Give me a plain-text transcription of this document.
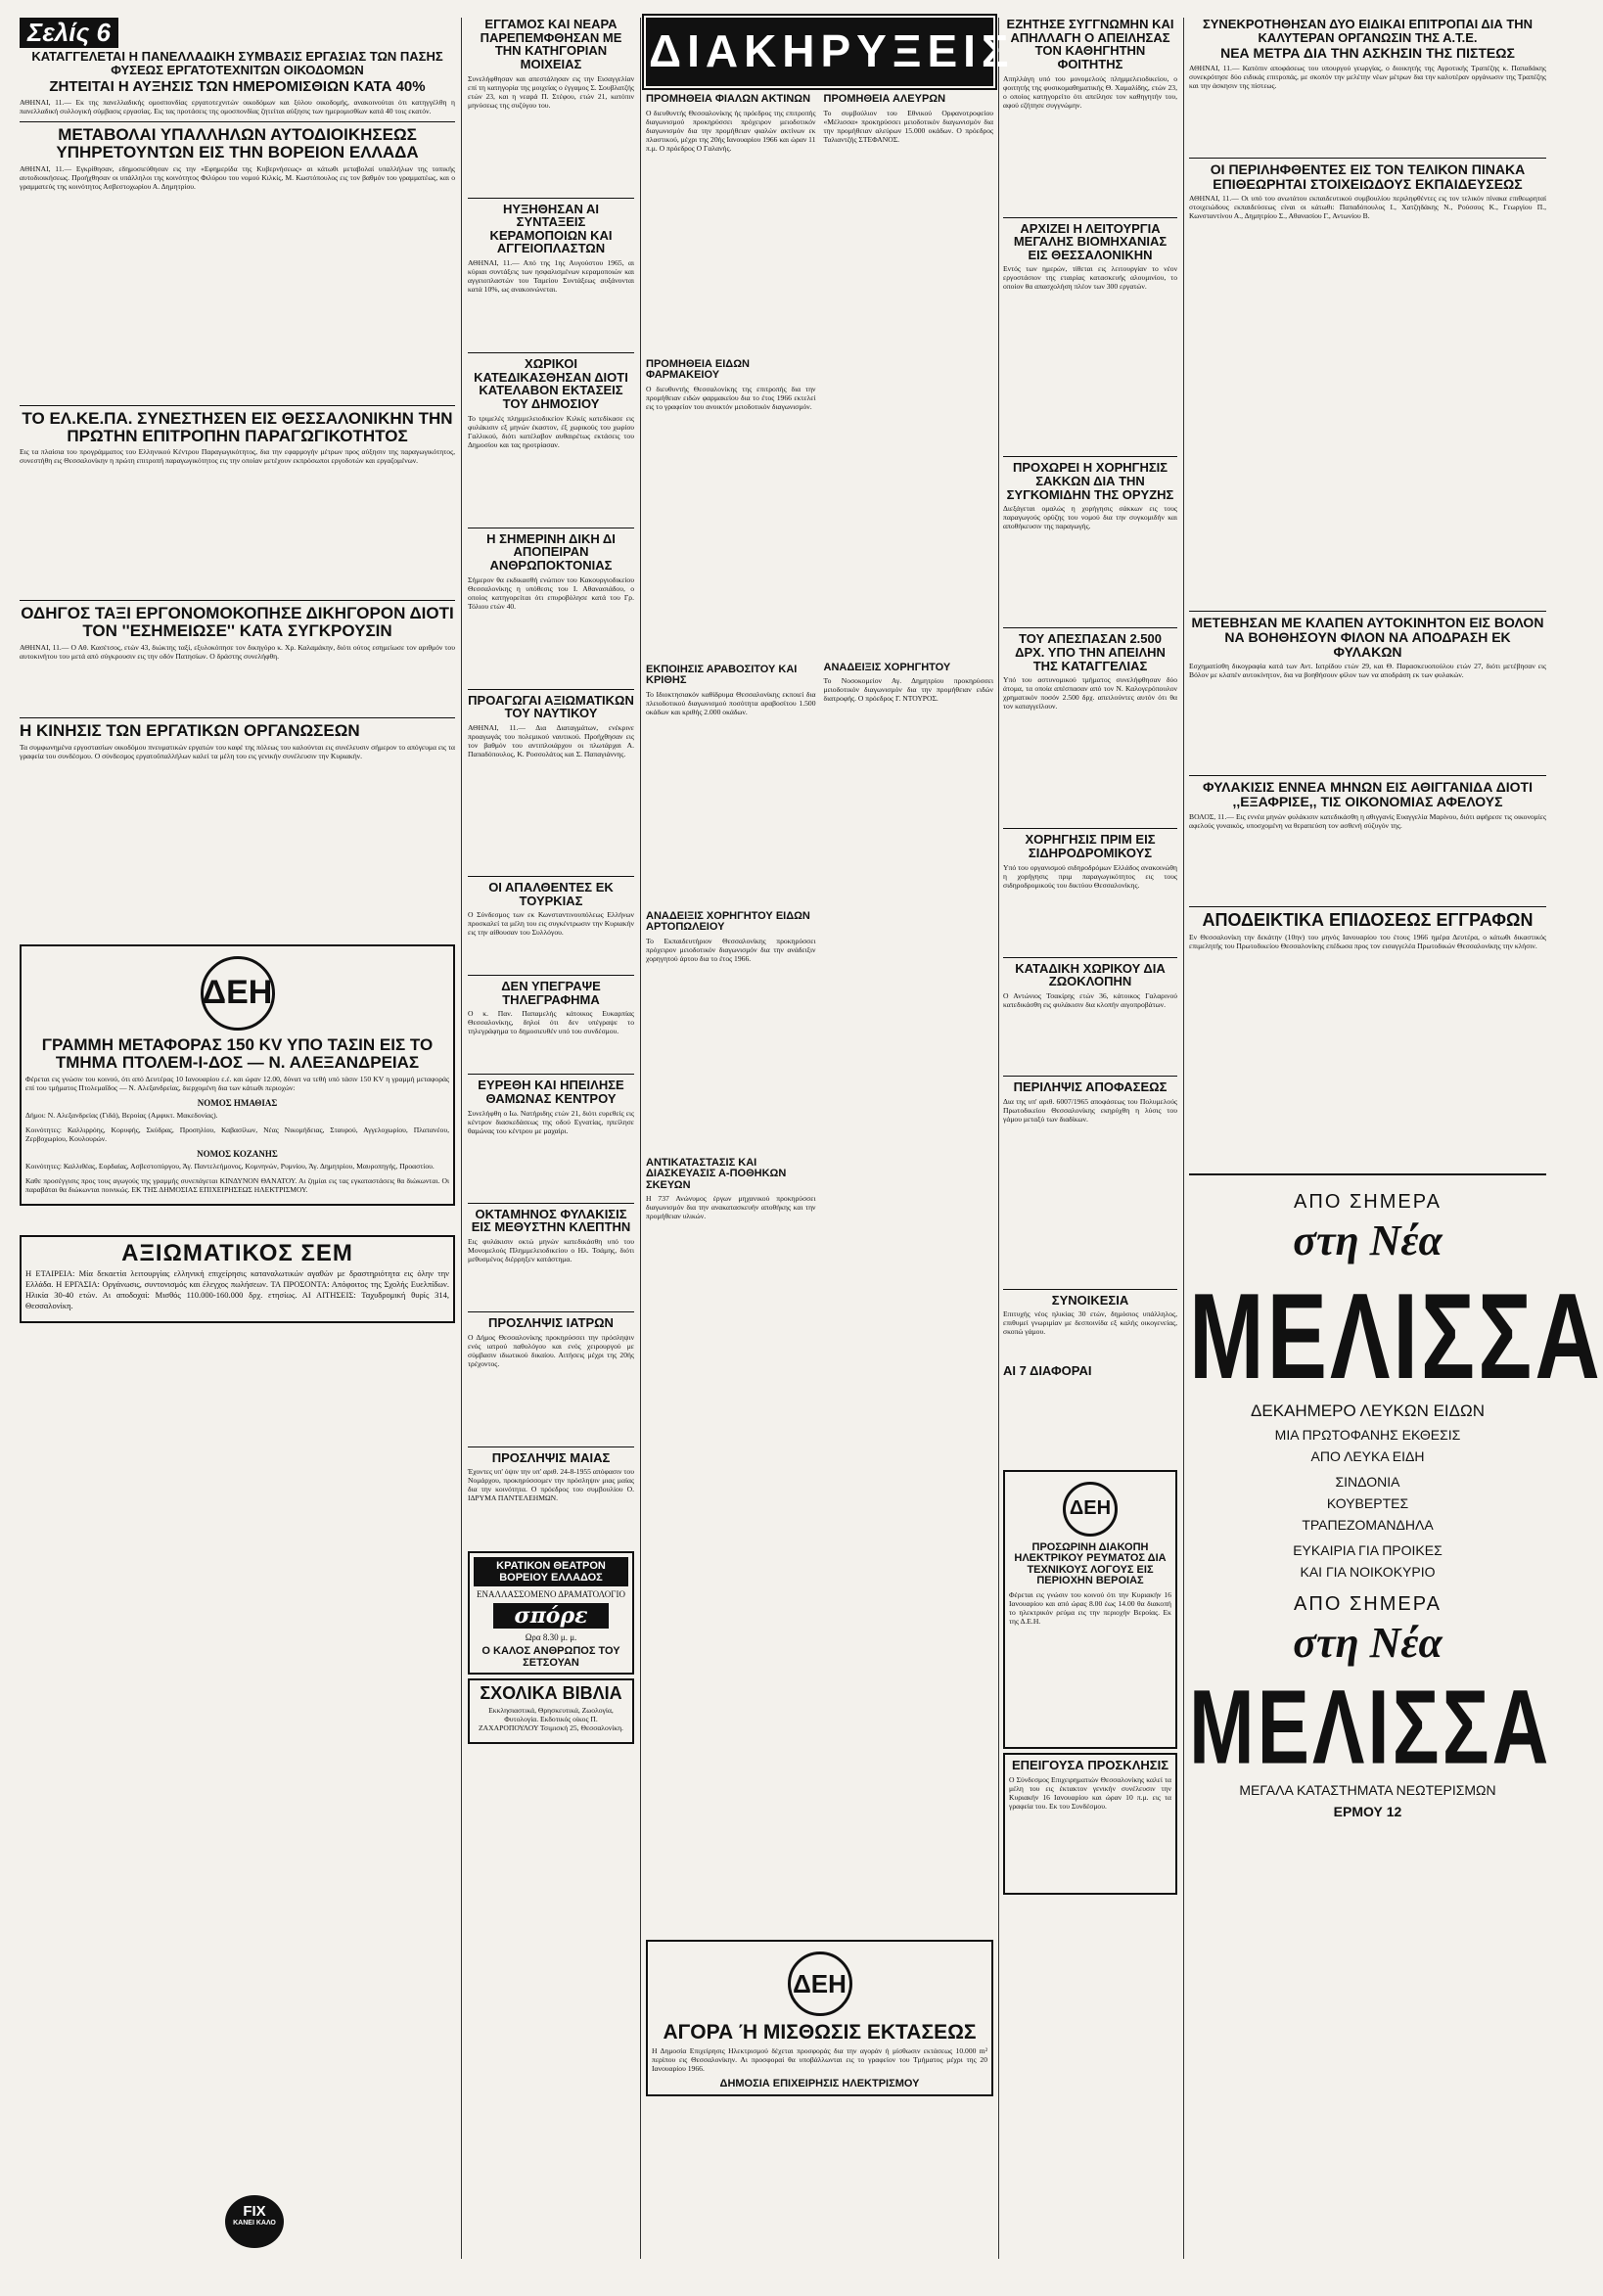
Σελίς 6
ΚΑΤΑΓΓΕΛΕΤΑΙ Η ΠΑΝΕΛΛΑΔΙΚΗ ΣΥΜΒΑΣΙΣ ΕΡΓΑΣΙΑΣ ΤΩΝ ΠΑΣΗΣ ΦΥΣΕΩΣ ΕΡΓΑΤΟΤΕΧΝΙΤΩΝ ΟΙΚΟΔΟΜΩΝ
ΖΗΤΕΙΤΑΙ Η ΑΥΞΗΣΙΣ ΤΩΝ ΗΜΕΡΟΜΙΣΘΙΩΝ ΚΑΤΑ 40%
ΑΘΗΝΑΙ, 11.— Εκ της πανελλαδικής ομοσπονδίας εργατοτεχνιτών οικοδόμων και ξύλου οικοδομής, ανακοινούται ότι κατηγγέλθη η πανελλαδική συλλογική σύμβασις εργασίας. Εις τας προτάσεις της ομοσπονδίας ζητείται αύξησις των ημερομισθίων κατά 40 τοις εκατόν.
ΜΕΤΑΒΟΛΑΙ ΥΠΑΛΛΗΛΩΝ ΑΥΤΟΔΙΟΙΚΗΣΕΩΣ ΥΠΗΡΕΤΟΥΝΤΩΝ ΕΙΣ ΤΗΝ ΒΟΡΕΙΟΝ ΕΛΛΑΔΑ
ΑΘΗΝΑΙ, 11.— Εγκρίθησαν, εδημοσιεύθησαν εις την «Εφημερίδα της Κυβερνήσεως» αι κάτωθι μεταβολαί υπαλλήλων της τοπικής αυτοδιοικήσεως. Προήχθησαν οι υπάλληλοι της κοινότητος Φιλύρου του νομού Κιλκίς, Μ. Κωστόπουλος εις τον βαθμόν του γραμματέως, και ο γραμματεύς της κοινότητος Ασβεστοχωρίου Α. Δημητρίου.
ΤΟ ΕΛ.ΚΕ.ΠΑ. ΣΥΝΕΣΤΗΣΕΝ ΕΙΣ ΘΕΣΣΑΛΟΝΙΚΗΝ ΤΗΝ ΠΡΩΤΗΝ ΕΠΙΤΡΟΠΗΝ ΠΑΡΑΓΩΓΙΚΟΤΗΤΟΣ
Εις τα πλαίσια του προγράμματος του Ελληνικού Κέντρου Παραγωγικότητος, δια την εφαρμογήν μέτρων προς αύξησιν της παραγωγικότητος, συνεστήθη εις Θεσσαλονίκην η πρώτη επιτροπή παραγωγικότητος εις την οποίαν μετέχουν εκπρόσωποι εργοδοτών και εργαζομένων.
ΟΔΗΓΟΣ ΤΑΞΙ ΕΡΓΟΝΟΜΟΚΟΠΗΣΕ ΔΙΚΗΓΟΡΟΝ ΔΙΟΤΙ ΤΟΝ ''ΕΣΗΜΕΙΩΣΕ'' ΚΑΤΑ ΣΥΓΚΡΟΥΣΙΝ
ΑΘΗΝΑΙ, 11.— Ο Αθ. Κασέτσος, ετών 43, διώκτης ταξί, εξυλοκόπησε τον δικηγόρο κ. Χρ. Καλαμάκην, διότι ούτος εσημείωσε τον αριθμόν του αυτοκινήτου του μετά από σύγκρουσιν εις την οδόν Πατησίων. Ο δράστης συνελήφθη.
Η ΚΙΝΗΣΙΣ ΤΩΝ ΕΡΓΑΤΙΚΩΝ ΟΡΓΑΝΩΣΕΩΝ
Τα συμφωνημένα εργοστασίων οικοδόμου πνευματικών εργατών του καφέ της πόλεως του καλούνται εις συνέλευσιν σήμερον το απόγευμα εις τα γραφεία του συνδέσμου. Ο σύνδεσμος εργατοϋπαλλήλων καλεί τα μέλη του εις γενικήν συνέλευσιν την Κυριακήν.
ΔΕΗ
ΓΡΑΜΜΗ ΜΕΤΑΦΟΡΑΣ 150 KV ΥΠΟ ΤΑΣΙΝ ΕΙΣ ΤΟ ΤΜΗΜΑ ΠΤΟΛΕΜ-Ι-ΔΟΣ — Ν. ΑΛΕΞΑΝΔΡΕΙΑΣ
Φέρεται εις γνώσιν του κοινού, ότι από Δευτέρας 10 Ιανουαρίου ε.έ. και ώραν 12.00, δύνατ να τεθή υπό τάσιν 150 KV η γραμμή μεταφοράς επί του τμήματος Πτολεμαΐδος — Ν. Αλεξανδρείας, διερχομένη δια των κάτωθι περιοχών:
ΝΟΜΟΣ ΗΜΑΘΙΑΣ
Δήμοι: Ν. Αλεξανδρείας (Γιδά), Βεροίας (Αμφικτ. Μακεδονίας).
Κοινότητες: Καλλιρρόης, Κορυφής, Σκύδρας, Προσηλίου, Καβασίλων, Νέας Νικομήδειας, Σταυρού, Αγγελοχωρίου, Πλατανέου, Ζερβοχωρίου, Κουλουρών.
ΝΟΜΟΣ ΚΟΖΑΝΗΣ
Κοινότητες: Καλλιθέας, Εορδαίας, Ασβεστοπύργου, Άγ. Παντελεήμονος, Κομνηνών, Ρυμνίου, Άγ. Δημητρίου, Μαυροπηγής, Προαστίου.
Καθε προσέγγισις προς τους αγωγούς της γραμμής συνεπάγεται ΚΙΝΔΥΝΟΝ ΘΑΝΑΤΟΥ. Αι ζημίαι εις τας εγκαταστάσεις θα διώκωνται. Οι παραβάται θα διώκωνται ποινικώς. ΕΚ ΤΗΣ ΔΗΜΟΣΙΑΣ ΕΠΙΧΕΙΡΗΣΕΩΣ ΗΛΕΚΤΡΙΣΜΟΥ.
ΑΞΙΩΜΑΤΙΚΟΣ ΣΕΜ
Η ΕΤΑΙΡΕΙΑ: Μία δεκαετία λειτουργίας ελληνική επιχείρησις καταναλωτικών αγαθών με δραστηριότητα εις όλην την Ελλάδα. Η ΕΡΓΑΣΙΑ: Οργάνωσις, συντονισμός και έλεγχος πωλήσεων. ΤΑ ΠΡΟΣΟΝΤΑ: Απόφοιτος της Σχολής Ευελπίδων. Ηλικία 30-40 ετών. Αι αποδοχαί: Μισθός 110.000-160.000 δρχ. ετησίως. ΑΙ ΑΙΤΗΣΕΙΣ: Ταχυδρομική θυρίς 314, Θεσσαλονίκη.
FIX
ΚΑΝΕΙ ΚΑΛΟ
ΕΓΓΑΜΟΣ ΚΑΙ ΝΕΑΡΑ ΠΑΡΕΠΕΜΦΘΗΣΑΝ ΜΕ ΤΗΝ ΚΑΤΗΓΟΡΙΑΝ ΜΟΙΧΕΙΑΣ
Συνελήφθησαν και απεστάλησαν εις την Εισαγγελίαν επί τη κατηγορία της μοιχείας ο έγγαμος Σ. Σουβλατζής ετών 23, και η νεαρά Π. Στέφου, ετών 21, κατόπιν μηνύσεως της συζύγου του.
ΗΥΞΗΘΗΣΑΝ ΑΙ ΣΥΝΤΑΞΕΙΣ ΚΕΡΑΜΟΠΟΙΩΝ ΚΑΙ ΑΓΓΕΙΟΠΛΑΣΤΩΝ
ΑΘΗΝΑΙ, 11.— Από της 1ης Αυγούστου 1965, αι κύριαι συντάξεις των ησφαλισμένων κεραμοποιών και αγγειοπλαστών του Ταμείου Συντάξεως αυξάνονται κατά 10%, ως ανακοινώνεται.
ΧΩΡΙΚΟΙ ΚΑΤΕΔΙΚΑΣΘΗΣΑΝ ΔΙΟΤΙ ΚΑΤΕΛΑΒΟΝ ΕΚΤΑΣΕΙΣ ΤΟΥ ΔΗΜΟΣΙΟΥ
Το τριμελές πλημμελειοδικείον Κιλκίς κατεδίκασε εις φυλάκισιν εξ μηνών έκαστον, έξ χωρικούς του χωρίου Γαλλικού, διότι κατέλαβον αυθαιρέτως εκτάσεις του Δημοσίου και τας ηροτρίασαν.
Η ΣΗΜΕΡΙΝΗ ΔΙΚΗ ΔΙ ΑΠΟΠΕΙΡΑΝ ΑΝΘΡΩΠΟΚΤΟΝΙΑΣ
Σήμερον θα εκδικασθή ενώπιον του Κακουργιοδικείου Θεσσαλονίκης η υπόθεσις του Ι. Αθανασιάδου, ο οποίος κατηγορείται ότι επυροβόλησε κατά του Γρ. Τόλιου ετών 40.
ΠΡΟΑΓΩΓΑΙ ΑΞΙΩΜΑΤΙΚΩΝ ΤΟΥ ΝΑΥΤΙΚΟΥ
ΑΘΗΝΑΙ, 11.— Δια Διαταγμάτων, ενέκρινε προαγωγάς του πολεμικού ναυτικού. Προήχθησαν εις τον βαθμόν του αντιπλοιάρχου οι πλωτάρχαι Α. Παπαδόπουλος, Κ. Ροσσολάτος και Σ. Παπαγιάννης.
ΟΙ ΑΠΑΛΘΕΝΤΕΣ ΕΚ ΤΟΥΡΚΙΑΣ
Ο Σύνδεσμος των εκ Κωνσταντινουπόλεως Ελλήνων προσκαλεί τα μέλη του εις συγκέντρωσιν την Κυριακήν εις την αίθουσαν του Συλλόγου.
ΔΕΝ ΥΠΕΓΡΑΨΕ ΤΗΛΕΓΡΑΦΗΜΑ
Ο κ. Παν. Παπαμελής κάτοικος Ευκαρπίας Θεσσαλονίκης, δηλοί ότι δεν υπέγραψε το τηλεγράφημα το δημοσιευθέν υπό του συνδέσμου.
ΕΥΡΕΘΗ ΚΑΙ ΗΠΕΙΛΗΣΕ ΘΑΜΩΝΑΣ ΚΕΝΤΡΟΥ
Συνελήφθη ο Ιω. Νατήριδης ετών 21, διότι ευρεθείς εις κέντρον διασκεδάσεως της οδού Εγνατίας, ηπείλησε θαμώνας του κέντρου με μαχαίρι.
ΟΚΤΑΜΗΝΟΣ ΦΥΛΑΚΙΣΙΣ ΕΙΣ ΜΕΘΥΣΤΗΝ ΚΛΕΠΤΗΝ
Εις φυλάκισιν οκτώ μηνών κατεδικάσθη υπό του Μονομελούς Πλημμελειοδικείου ο Ηλ. Τσάμης, διότι μεθυσμένος διέρρηξεν κατάστημα.
ΠΡΟΣΛΗΨΙΣ ΙΑΤΡΩΝ
Ο Δήμος Θεσσαλονίκης προκηρύσσει την πρόσληψιν ενός ιατρού παθολόγου και ενός χειρουργού με σύμβασιν ιδιωτικού δικαίου. Αιτήσεις μέχρι της 20ής τρέχοντος.
ΠΡΟΣΛΗΨΙΣ ΜΑΙΑΣ
Έχοντες υπ' όψιν την υπ' αριθ. 24-8-1955 απόφασιν του Νομάρχου, προκηρύσσομεν την πρόσληψιν μιας μαίας δια την κοινότητα. Ο πρόεδρος του συμβουλίου Ο. ΙΔΡΥΜΑ ΠΑΝΤΕΛΕΗΜΩΝ.
ΚΡΑΤΙΚΟΝ ΘΕΑΤΡΟΝ ΒΟΡΕΙΟΥ ΕΛΛΑΔΟΣ
ΕΝΑΛΛΑΣΣΟΜΕΝΟ ΔΡΑΜΑΤΟΛΟΓΙΟ
σπόρε
Ωρα 8.30 μ. μ.
Ο ΚΑΛΟΣ ΑΝΘΡΩΠΟΣ ΤΟΥ ΣΕΤΣΟΥΑΝ
ΣΧΟΛΙΚΑ ΒΙΒΛΙΑ
Εκκλησιαστικά, Θρησκευτικά, Ζωολογία, Φυτολογία. Εκδοτικός οίκος Π. ΖΑΧΑΡΟΠΟΥΛΟΥ Τσιμισκή 25, Θεσσαλονίκη.
ΔΙΑΚΗΡΥΞΕΙΣ
ΠΡΟΜΗΘΕΙΑ ΦΙΑΛΩΝ ΑΚΤΙΝΩΝ
Ο διευθυντής Θεσσαλονίκης ής πρόεδρος της επιτροπής διαγωνισμού προκηρύσσει πρόχειρον μειοδοτικόν διαγωνισμόν δια την προμήθειαν φιαλών ακτίνων εκ πλαστικού, μέχρι της 20ής Ιανουαρίου 1966 και ώραν 11 π.μ. Ο πρόεδρος Ο Γαλανής.
ΠΡΟΜΗΘΕΙΑ ΕΙΔΩΝ ΦΑΡΜΑΚΕΙΟΥ
Ο διευθυντής Θεσσαλονίκης της επιτροπής δια την προμήθειαν ειδών φαρμακείου δια το έτος 1966 εκτελεί εις το γραφείον του ανοικτόν μειοδοτικόν διαγωνισμόν.
ΕΚΠΟΙΗΣΙΣ ΑΡΑΒΟΣΙΤΟΥ ΚΑΙ ΚΡΙΘΗΣ
Το Ιδιοκτησιακόν καθίδρυμα Θεσσαλονίκης εκποιεί δια πλειοδοτικού διαγωνισμού ποσότητα αραβοσίτου 1.500 οκάδων και κριθής 2.000 οκάδων.
ΑΝΑΔΕΙΞΙΣ ΧΟΡΗΓΗΤΟΥ ΕΙΔΩΝ ΑΡΤΟΠΩΛΕΙΟΥ
Το Εκπαιδευτήριον Θεσσαλονίκης προκηρύσσει πρόχειρον μειοδοτικόν διαγωνισμόν δια την ανάδειξιν χορηγητού άρτου δια το έτος 1966.
ΑΝΤΙΚΑΤΑΣΤΑΣΙΣ ΚΑΙ ΔΙΑΣΚΕΥΑΣΙΣ Α-ΠΟΘΗΚΩΝ ΣΚΕΥΩΝ
Η 737 Ανώνυμος έργων μηχανικού προκηρύσσει διαγωνισμόν δια την ανακατασκευήν αποθήκης και την προμήθειαν υλικών.
ΠΡΟΜΗΘΕΙΑ ΑΛΕΥΡΩΝ
Το συμβούλιον του Εθνικού Ορφανοτροφείου «Μέλισσα» προκηρύσσει μειοδοτικόν διαγωνισμόν δια την προμήθειαν αλεύρων 15.000 οκάδων. Ο πρόεδρος Ταλιαντζής ΣΤΕΦΑΝΟΣ.
ΑΝΑΔΕΙΞΙΣ ΧΟΡΗΓΗΤΟΥ
Το Νοσοκομείον Αγ. Δημητρίου προκηρύσσει μειοδοτικόν διαγωνισμόν δια την προμήθειαν ειδών διατροφής. Ο πρόεδρος Γ. ΝΤΟΥΡΟΣ.
ΔΕΗ
ΑΓΟΡΑ Ή ΜΙΣΘΩΣΙΣ ΕΚΤΑΣΕΩΣ
Η Δημοσία Επιχείρησις Ηλεκτρισμού δέχεται προσφοράς δια την αγοράν ή μίσθωσιν εκτάσεως 10.000 m² περίπου εις Θεσσαλονίκην. Αι προσφοραί θα υποβάλλωνται εις το γραφείον του Τμήματος μέχρι της 20 Ιανουαρίου 1966.
ΔΗΜΟΣΙΑ ΕΠΙΧΕΙΡΗΣΙΣ ΗΛΕΚΤΡΙΣΜΟΥ
ΕΖΗΤΗΣΕ ΣΥΓΓΝΩΜΗΝ ΚΑΙ ΑΠΗΛΛΑΓΗ Ο ΑΠΕΙΛΗΣΑΣ ΤΟΝ ΚΑΘΗΓΗΤΗΝ ΦΟΙΤΗΤΗΣ
Απηλλάγη υπό του μονομελούς πλημμελειοδικείου, ο φοιτητής της φυσικομαθηματικής Θ. Χαμαλίδης, ετών 23, ο οποίος κατηγορείτο ότι απείλησε τον καθηγητήν του, αφού εζήτησε συγγνώμην.
ΑΡΧΙΖΕΙ Η ΛΕΙΤΟΥΡΓΙΑ ΜΕΓΑΛΗΣ ΒΙΟΜΗΧΑΝΙΑΣ ΕΙΣ ΘΕΣΣΑΛΟΝΙΚΗΝ
Εντός των ημερών, τίθεται εις λειτουργίαν το νέον εργοστάσιον της εταιρίας κατασκευής αλουμινίου, το οποίον θα απασχολήση πλέον των 300 εργατών.
ΠΡΟΧΩΡΕΙ Η ΧΟΡΗΓΗΣΙΣ ΣΑΚΚΩΝ ΔΙΑ ΤΗΝ ΣΥΓΚΟΜΙΔΗΝ ΤΗΣ ΟΡΥΖΗΣ
Διεξάγεται ομαλώς η χορήγησις σάκκων εις τους παραγωγούς ορύζης του νομού δια την συγκομιδήν και αποθήκευσιν της παραγωγής.
ΤΟΥ ΑΠΕΣΠΑΣΑΝ 2.500 ΔΡΧ. ΥΠΟ ΤΗΝ ΑΠΕΙΛΗΝ ΤΗΣ ΚΑΤΑΓΓΕΛΙΑΣ
Υπό του αστυνομικού τμήματος συνελήφθησαν δύο άτομα, τα οποία απέσπασαν από τον Ν. Καλογερόπουλον χρηματικόν ποσόν 2.500 δρχ. απειλούντες αυτόν ότι θα τον καταγγείλουν.
ΧΟΡΗΓΗΣΙΣ ΠΡΙΜ ΕΙΣ ΣΙΔΗΡΟΔΡΟΜΙΚΟΥΣ
Υπό του οργανισμού σιδηροδρόμων Ελλάδος ανακοινώθη η χορήγησις πριμ παραγωγικότητος εις τους σιδηροδρομικούς του δικτύου Θεσσαλονίκης.
ΚΑΤΑΔΙΚΗ ΧΩΡΙΚΟΥ ΔΙΑ ΖΩΟΚΛΟΠΗΝ
Ο Αντώνιος Τσακίρης ετών 36, κάτοικος Γαλαρινού κατεδικάσθη εις φυλάκισιν δια κλοπήν αιγοπροβάτων.
ΠΕΡΙΛΗΨΙΣ ΑΠΟΦΑΣΕΩΣ
Δια της υπ' αριθ. 6007/1965 αποφάσεως του Πολυμελούς Πρωτοδικείου Θεσσαλονίκης εκηρύχθη η λύσις του γάμου μεταξύ των διαδίκων.
ΣΥΝΟΙΚΕΣΙΑ
Επιτυχής νέος ηλικίας 30 ετών, δημόσιος υπάλληλος, επιθυμεί γνωριμίαν με δεσποινίδα εξ καλής οικογενείας, σκοπώ γάμου.
ΑΙ 7 ΔΙΑΦΟΡΑΙ
ΔΕΗ
ΠΡΟΣΩΡΙΝΗ ΔΙΑΚΟΠΗ ΗΛΕΚΤΡΙΚΟΥ ΡΕΥΜΑΤΟΣ ΔΙΑ ΤΕΧΝΙΚΟΥΣ ΛΟΓΟΥΣ ΕΙΣ ΠΕΡΙΟΧΗΝ ΒΕΡΟΙΑΣ
Φέρεται εις γνώσιν του κοινού ότι την Κυριακήν 16 Ιανουαρίου και από ώρας 8.00 έως 14.00 θα διακοπή το ηλεκτρικόν ρεύμα εις την περιοχήν Βεροίας. Εκ της Δ.Ε.Η.
ΕΠΕΙΓΟΥΣΑ ΠΡΟΣΚΛΗΣΙΣ
Ο Σύνδεσμος Επιχειρηματιών Θεσσαλονίκης καλεί τα μέλη του εις έκτακτον γενικήν συνέλευσιν την Κυριακήν 16 Ιανουαρίου και ώραν 10 π.μ. εις τα γραφεία του. Εκ του Συνδέσμου.
ΣΥΝΕΚΡΟΤΗΘΗΣΑΝ ΔΥΟ ΕΙΔΙΚΑΙ ΕΠΙΤΡΟΠΑΙ ΔΙΑ ΤΗΝ ΚΑΛΥΤΕΡΑΝ ΟΡΓΑΝΩΣΙΝ ΤΗΣ Α.Τ.Ε.
ΝΕΑ ΜΕΤΡΑ ΔΙΑ ΤΗΝ ΑΣΚΗΣΙΝ ΤΗΣ ΠΙΣΤΕΩΣ
ΑΘΗΝΑΙ, 11.— Κατόπιν αποφάσεως του υπουργού γεωργίας, ο διοικητής της Αγροτικής Τραπέζης κ. Παπαδάκης συνεκρότησε δύο ειδικάς επιτροπάς, με σκοπόν την μελέτην νέων μέτρων δια την καλυτέραν οργάνωσιν της Τραπέζης και την άσκησιν της πίστεως.
ΟΙ ΠΕΡΙΛΗΦΘΕΝΤΕΣ ΕΙΣ ΤΟΝ ΤΕΛΙΚΟΝ ΠΙΝΑΚΑ ΕΠΙΘΕΩΡΗΤΑΙ ΣΤΟΙΧΕΙΩΔΟΥΣ ΕΚΠΑΙΔΕΥΣΕΩΣ
ΑΘΗΝΑΙ, 11.— Οι υπό του ανωτάτου εκπαιδευτικού συμβουλίου περιληφθέντες εις τον τελικόν πίνακα επιθεωρηταί στοιχειώδους εκπαιδεύσεως είναι οι κάτωθι: Παπαδόπουλος Ι., Χατζηδάκης Ν., Ρούσσος Κ., Γεωργίου Π., Κωνσταντίνου Α., Δημητρίου Σ., Αθανασίου Γ., Αντωνίου Β.
ΜΕΤΕΒΗΣΑΝ ΜΕ ΚΛΑΠΕΝ ΑΥΤΟΚΙΝΗΤΟΝ ΕΙΣ ΒΟΛΟΝ ΝΑ ΒΟΗΘΗΣΟΥΝ ΦΙΛΟΝ ΝΑ ΑΠΟΔΡΑΣΗ ΕΚ ΦΥΛΑΚΩΝ
Εσχηματίσθη δικογραφία κατά των Αντ. Ιατρίδου ετών 29, και Θ. Παρασκευοπούλου ετών 27, διότι μετέβησαν εις Βόλον με κλαπέν αυτοκίνητον, δια να βοηθήσουν φίλον των να αποδράση εκ των φυλακών.
ΦΥΛΑΚΙΣΙΣ ΕΝΝΕΑ ΜΗΝΩΝ ΕΙΣ ΑΘΙΓΓΑΝΙΔΑ ΔΙΟΤΙ ,,ΕΞΑΦΡΙΣΕ,, ΤΙΣ ΟΙΚΟΝΟΜΙΑΣ ΑΦΕΛΟΥΣ
ΒΟΛΟΣ, 11.— Εις εννέα μηνών φυλάκισιν κατεδικάσθη η αθιγγανίς Ευαγγελία Μαρίνου, διότι αφήρεσε τις οικονομίες αφελούς γυναικός, υποσχομένη να θεραπεύση τον ασθενή σύζυγόν της.
ΑΠΟΔΕΙΚΤΙΚΑ ΕΠΙΔΟΣΕΩΣ ΕΓΓΡΑΦΩΝ
Εν Θεσσαλονίκη την δεκάτην (10ην) του μηνός Ιανουαρίου του έτους 1966 ημέρα Δευτέρα, ο κάτωθι δικαστικός επιμελητής του Πρωτοδικείου Θεσσαλονίκης επέδωσα προς τον εισαγγελέα Πρωτοδικών Θεσσαλονίκης την κλήσιν.
ΑΠΟ ΣΗΜΕΡΑ
στη Νέα
ΜΕΛΙΣΣΑ
ΔΕΚΑΗΜΕΡΟ ΛΕΥΚΩΝ ΕΙΔΩΝ
ΜΙΑ ΠΡΩΤΟΦΑΝΗΣ ΕΚΘΕΣΙΣ
ΑΠΟ ΛΕΥΚΑ ΕΙΔΗ
ΣΙΝΔΟΝΙΑ
ΚΟΥΒΕΡΤΕΣ
ΤΡΑΠΕΖΟΜΑΝΔΗΛΑ
ΕΥΚΑΙΡΙΑ ΓΙΑ ΠΡΟΙΚΕΣ
ΚΑΙ ΓΙΑ ΝΟΙΚΟΚΥΡΙΟ
ΑΠΟ ΣΗΜΕΡΑ
στη Νέα
ΜΕΛΙΣΣΑ
ΜΕΓΑΛΑ ΚΑΤΑΣΤΗΜΑΤΑ ΝΕΩΤΕΡΙΣΜΩΝ
ΕΡΜΟΥ 12
